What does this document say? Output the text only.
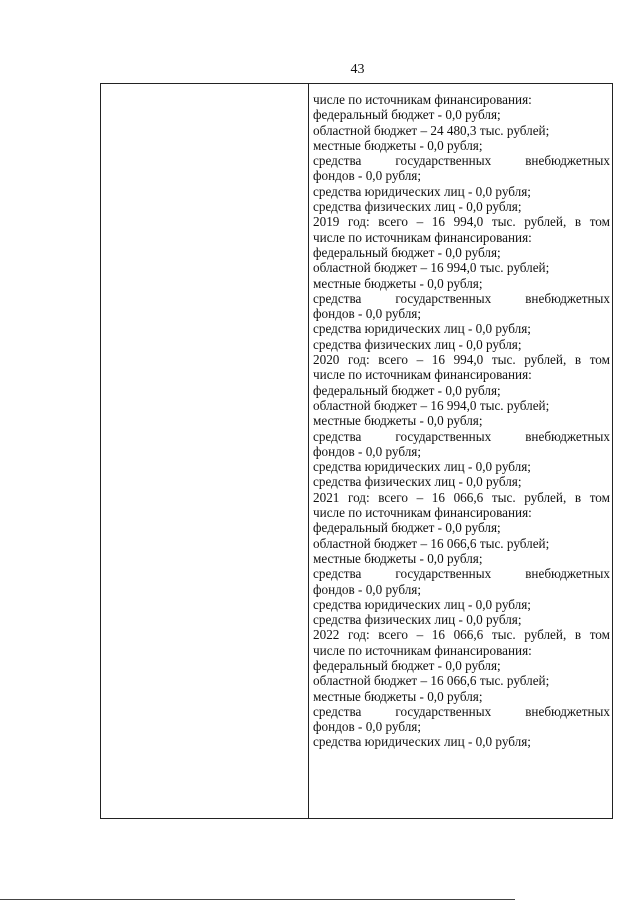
43
числе по источникам финансирования:
федеральный бюджет - 0,0 рубля;
областной бюджет – 24 480,3 тыс. рублей;
местные бюджеты - 0,0 рубля;
средства государственных внебюджетных
фондов - 0,0 рубля;
средства юридических лиц - 0,0 рубля;
средства физических лиц - 0,0 рубля;
2019 год: всего – 16 994,0 тыс. рублей, в том
числе по источникам финансирования:
федеральный бюджет - 0,0 рубля;
областной бюджет – 16 994,0 тыс. рублей;
местные бюджеты - 0,0 рубля;
средства государственных внебюджетных
фондов - 0,0 рубля;
средства юридических лиц - 0,0 рубля;
средства физических лиц - 0,0 рубля;
2020 год: всего – 16 994,0 тыс. рублей, в том
числе по источникам финансирования:
федеральный бюджет - 0,0 рубля;
областной бюджет – 16 994,0 тыс. рублей;
местные бюджеты - 0,0 рубля;
средства государственных внебюджетных
фондов - 0,0 рубля;
средства юридических лиц - 0,0 рубля;
средства физических лиц - 0,0 рубля;
2021 год: всего – 16 066,6 тыс. рублей, в том
числе по источникам финансирования:
федеральный бюджет - 0,0 рубля;
областной бюджет – 16 066,6 тыс. рублей;
местные бюджеты - 0,0 рубля;
средства государственных внебюджетных
фондов - 0,0 рубля;
средства юридических лиц - 0,0 рубля;
средства физических лиц - 0,0 рубля;
2022 год: всего – 16 066,6 тыс. рублей, в том
числе по источникам финансирования:
федеральный бюджет - 0,0 рубля;
областной бюджет – 16 066,6 тыс. рублей;
местные бюджеты - 0,0 рубля;
средства государственных внебюджетных
фондов - 0,0 рубля;
средства юридических лиц - 0,0 рубля;
